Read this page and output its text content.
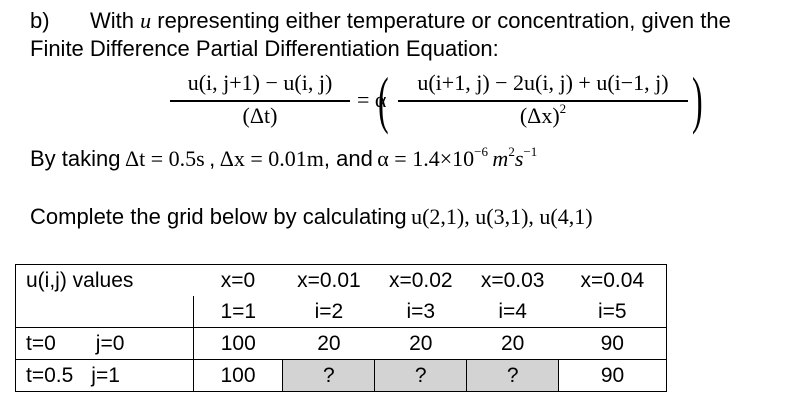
b) With u representing either temperature or concentration, given the
Finite Difference Partial Differentiation Equation:
u(i, j+1) − u(i, j)
(Δt)
= α
(	u(i+1, j) − 2u(i, j) + u(i−1, j)
$(\Delta x)^2$	)
By taking Δt = 0.5s , Δx = 0.01m, and $\alpha = 1.4\times 10^{-6}$ $m^2s^{-1}$
Complete the grid below by calculating u(2,1), u(3,1), u(4,1)
u(i,j) values	x=0	x=0.01	x=0.02	x=0.03	x=0.04
	1=1	i=2	i=3	i=4	i=5
t=0 j=0	100	20	20	20	90
t=0.5 j=1	100	?	?	?	90
